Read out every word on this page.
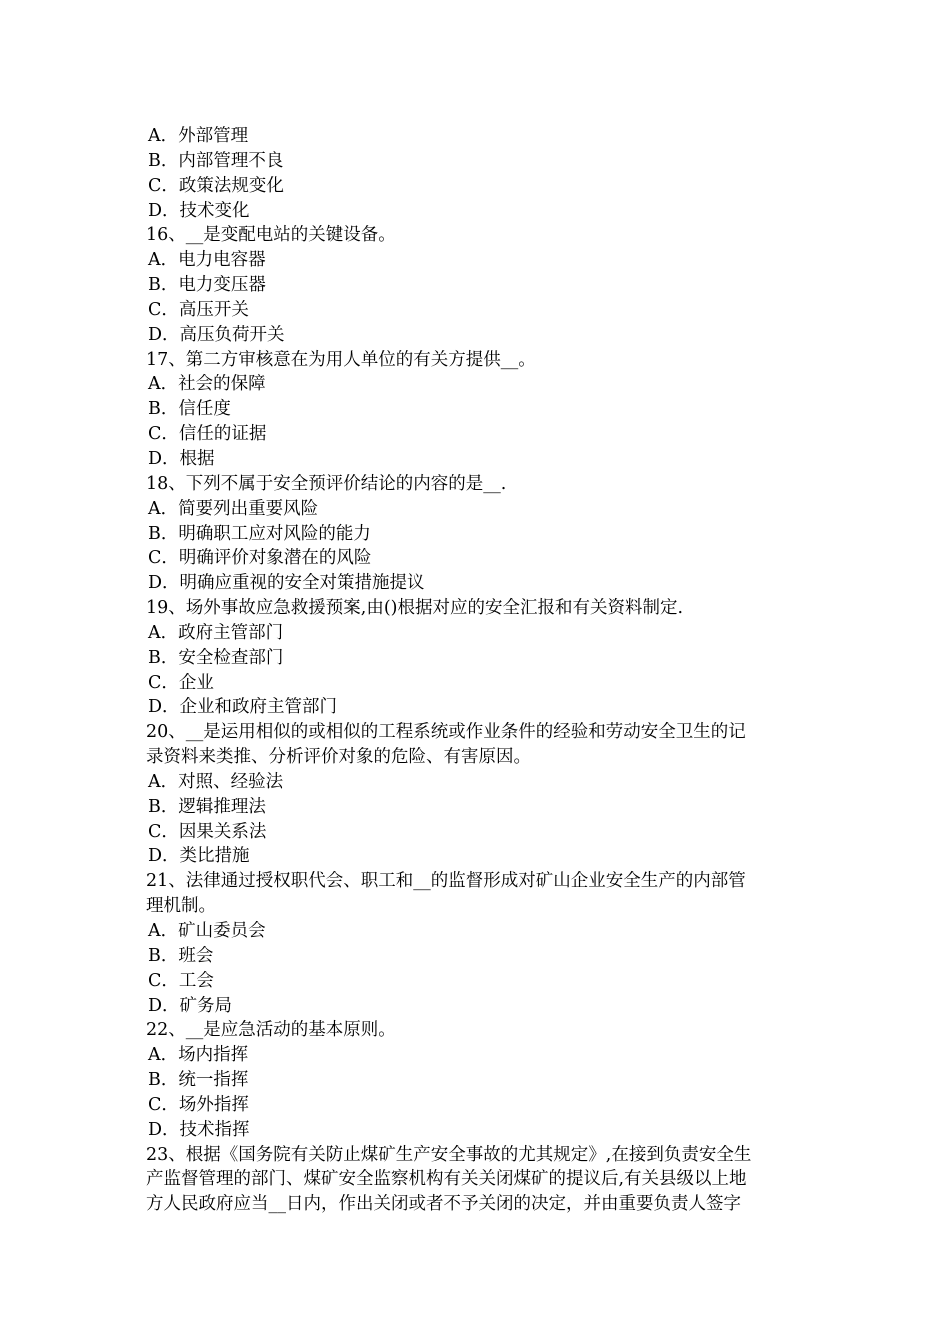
A．外部管理
B．内部管理不良
C．政策法规变化
D．技术变化
16、__是变配电站的关键设备。
A．电力电容器
B．电力变压器
C．高压开关
D．高压负荷开关
17、第二方审核意在为用人单位的有关方提供__。
A．社会的保障
B．信任度
C．信任的证据
D．根据
18、下列不属于安全预评价结论的内容的是__.
A．简要列出重要风险
B．明确职工应对风险的能力
C．明确评价对象潜在的风险
D．明确应重视的安全对策措施提议
19、场外事故应急救援预案,由()根据对应的安全汇报和有关资料制定.
A．政府主管部门
B．安全检查部门
C．企业
D．企业和政府主管部门
20、__是运用相似的或相似的工程系统或作业条件的经验和劳动安全卫生的记
录资料来类推、分析评价对象的危险、有害原因。
A．对照、经验法
B．逻辑推理法
C．因果关系法
D．类比措施
21、法律通过授权职代会、职工和__的监督形成对矿山企业安全生产的内部管
理机制。
A．矿山委员会
B．班会
C．工会
D．矿务局
22、__是应急活动的基本原则。
A．场内指挥
B．统一指挥
C．场外指挥
D．技术指挥
23、根据《国务院有关防止煤矿生产安全事故的尤其规定》,在接到负责安全生
产监督管理的部门、煤矿安全监察机构有关关闭煤矿的提议后,有关县级以上地
方人民政府应当__日内，作出关闭或者不予关闭的决定，并由重要负责人签字
